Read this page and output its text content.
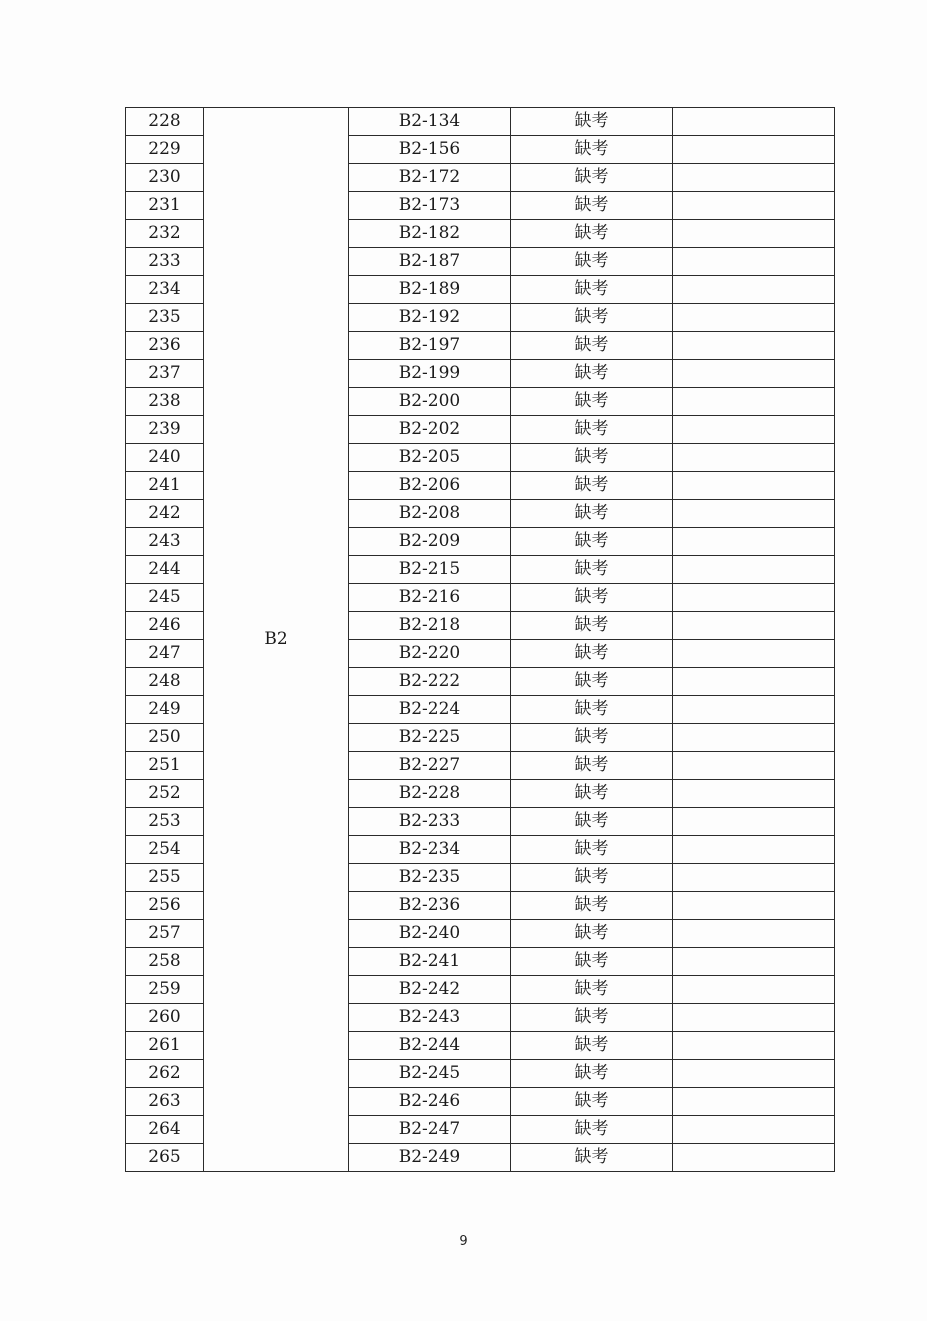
228	B2	B2-134	缺考	
229		B2-156	缺考	
230		B2-172	缺考	
231		B2-173	缺考	
232		B2-182	缺考	
233		B2-187	缺考	
234		B2-189	缺考	
235		B2-192	缺考	
236		B2-197	缺考	
237		B2-199	缺考	
238		B2-200	缺考	
239		B2-202	缺考	
240		B2-205	缺考	
241		B2-206	缺考	
242		B2-208	缺考	
243		B2-209	缺考	
244		B2-215	缺考	
245		B2-216	缺考	
246		B2-218	缺考	
247		B2-220	缺考	
248		B2-222	缺考	
249		B2-224	缺考	
250		B2-225	缺考	
251		B2-227	缺考	
252		B2-228	缺考	
253		B2-233	缺考	
254		B2-234	缺考	
255		B2-235	缺考	
256		B2-236	缺考	
257		B2-240	缺考	
258		B2-241	缺考	
259		B2-242	缺考	
260		B2-243	缺考	
261		B2-244	缺考	
262		B2-245	缺考	
263		B2-246	缺考	
264		B2-247	缺考	
265		B2-249	缺考	
9
